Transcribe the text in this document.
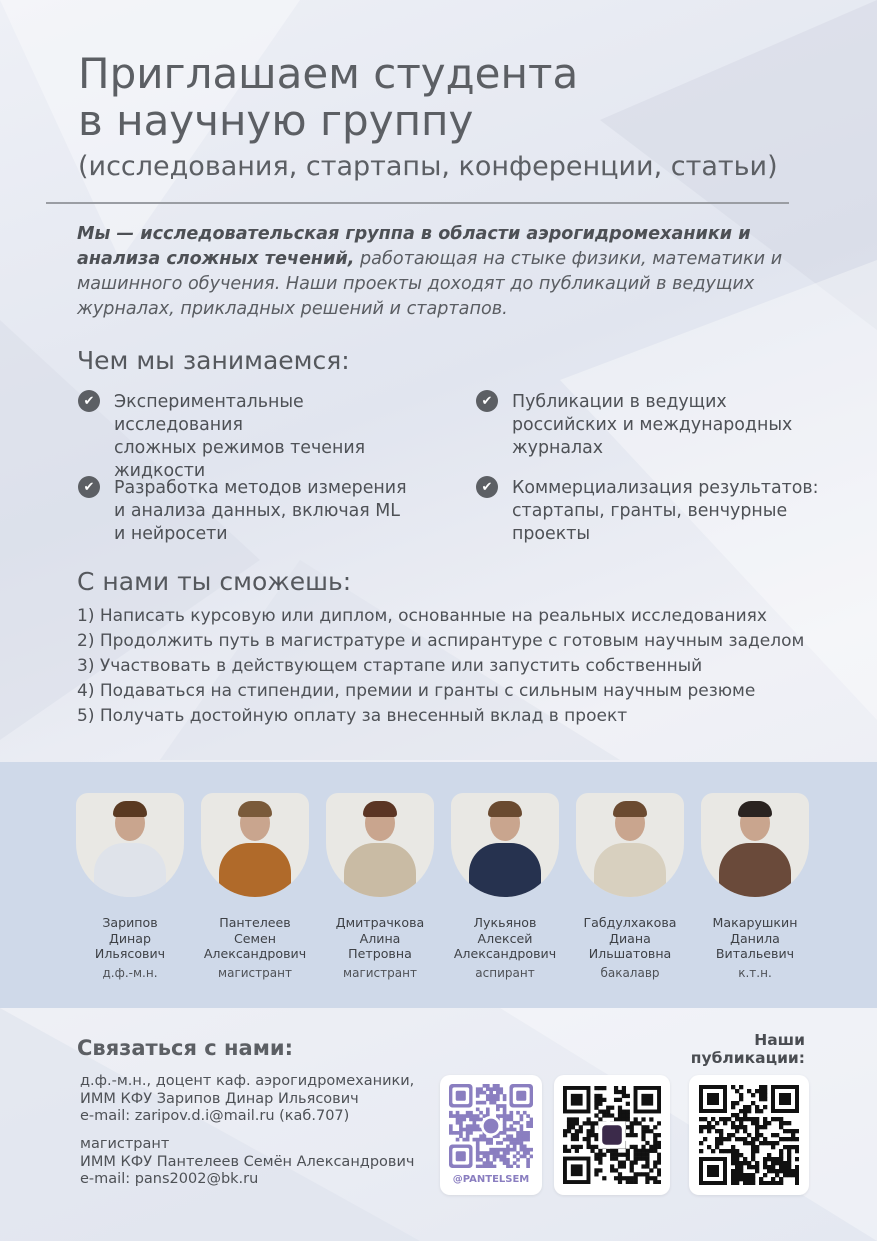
Приглашаем студента
в научную группу
(исследования, стартапы, конференции, статьи)

Мы — исследовательская группа в области аэрогидромеханики и анализа сложных течений, работающая на стыке физики, математики и машинного обучения. Наши проекты доходят до публикаций в ведущих журналах, прикладных решений и стартапов.

Чем мы занимаемся:
✔	Экспериментальные исследования
сложных режимов течения
жидкости
✔	Публикации в ведущих
российских и международных
журналах
✔	Разработка методов измерения
и анализа данных, включая ML
и нейросети
✔	Коммерциализация результатов:
стартапы, гранты, венчурные
проекты
С нами ты сможешь:
1) Написать курсовую или диплом, основанные на реальных исследованиях
2) Продолжить путь в магистратуре и аспирантуре с готовым научным заделом
3) Участвовать в действующем стартапе или запустить собственный
4) Подаваться на стипендии, премии и гранты с сильным научным резюме
5) Получать достойную оплату за внесенный вклад в проект
Зарипов
Динар
Ильясович
д.ф.-м.н.
Пантелеев
Семен
Александрович
магистрант
Дмитрачкова
Алина
Петровна
магистрант
Лукьянов
Алексей
Александрович
аспирант
Габдулхакова
Диана
Ильшатовна
бакалавр
Макарушкин
Данила
Витальевич
к.т.н.
Связаться с нами:
д.ф.-м.н., доцент каф. аэрогидромеханики,
ИММ КФУ Зарипов Динар Ильясович
e-mail: zaripov.d.i@mail.ru (каб.707)
магистрант
ИММ КФУ Пантелеев Семён Александрович
e-mail: pans2002@bk.ru
Наши
публикации:
@PANTELSEM
